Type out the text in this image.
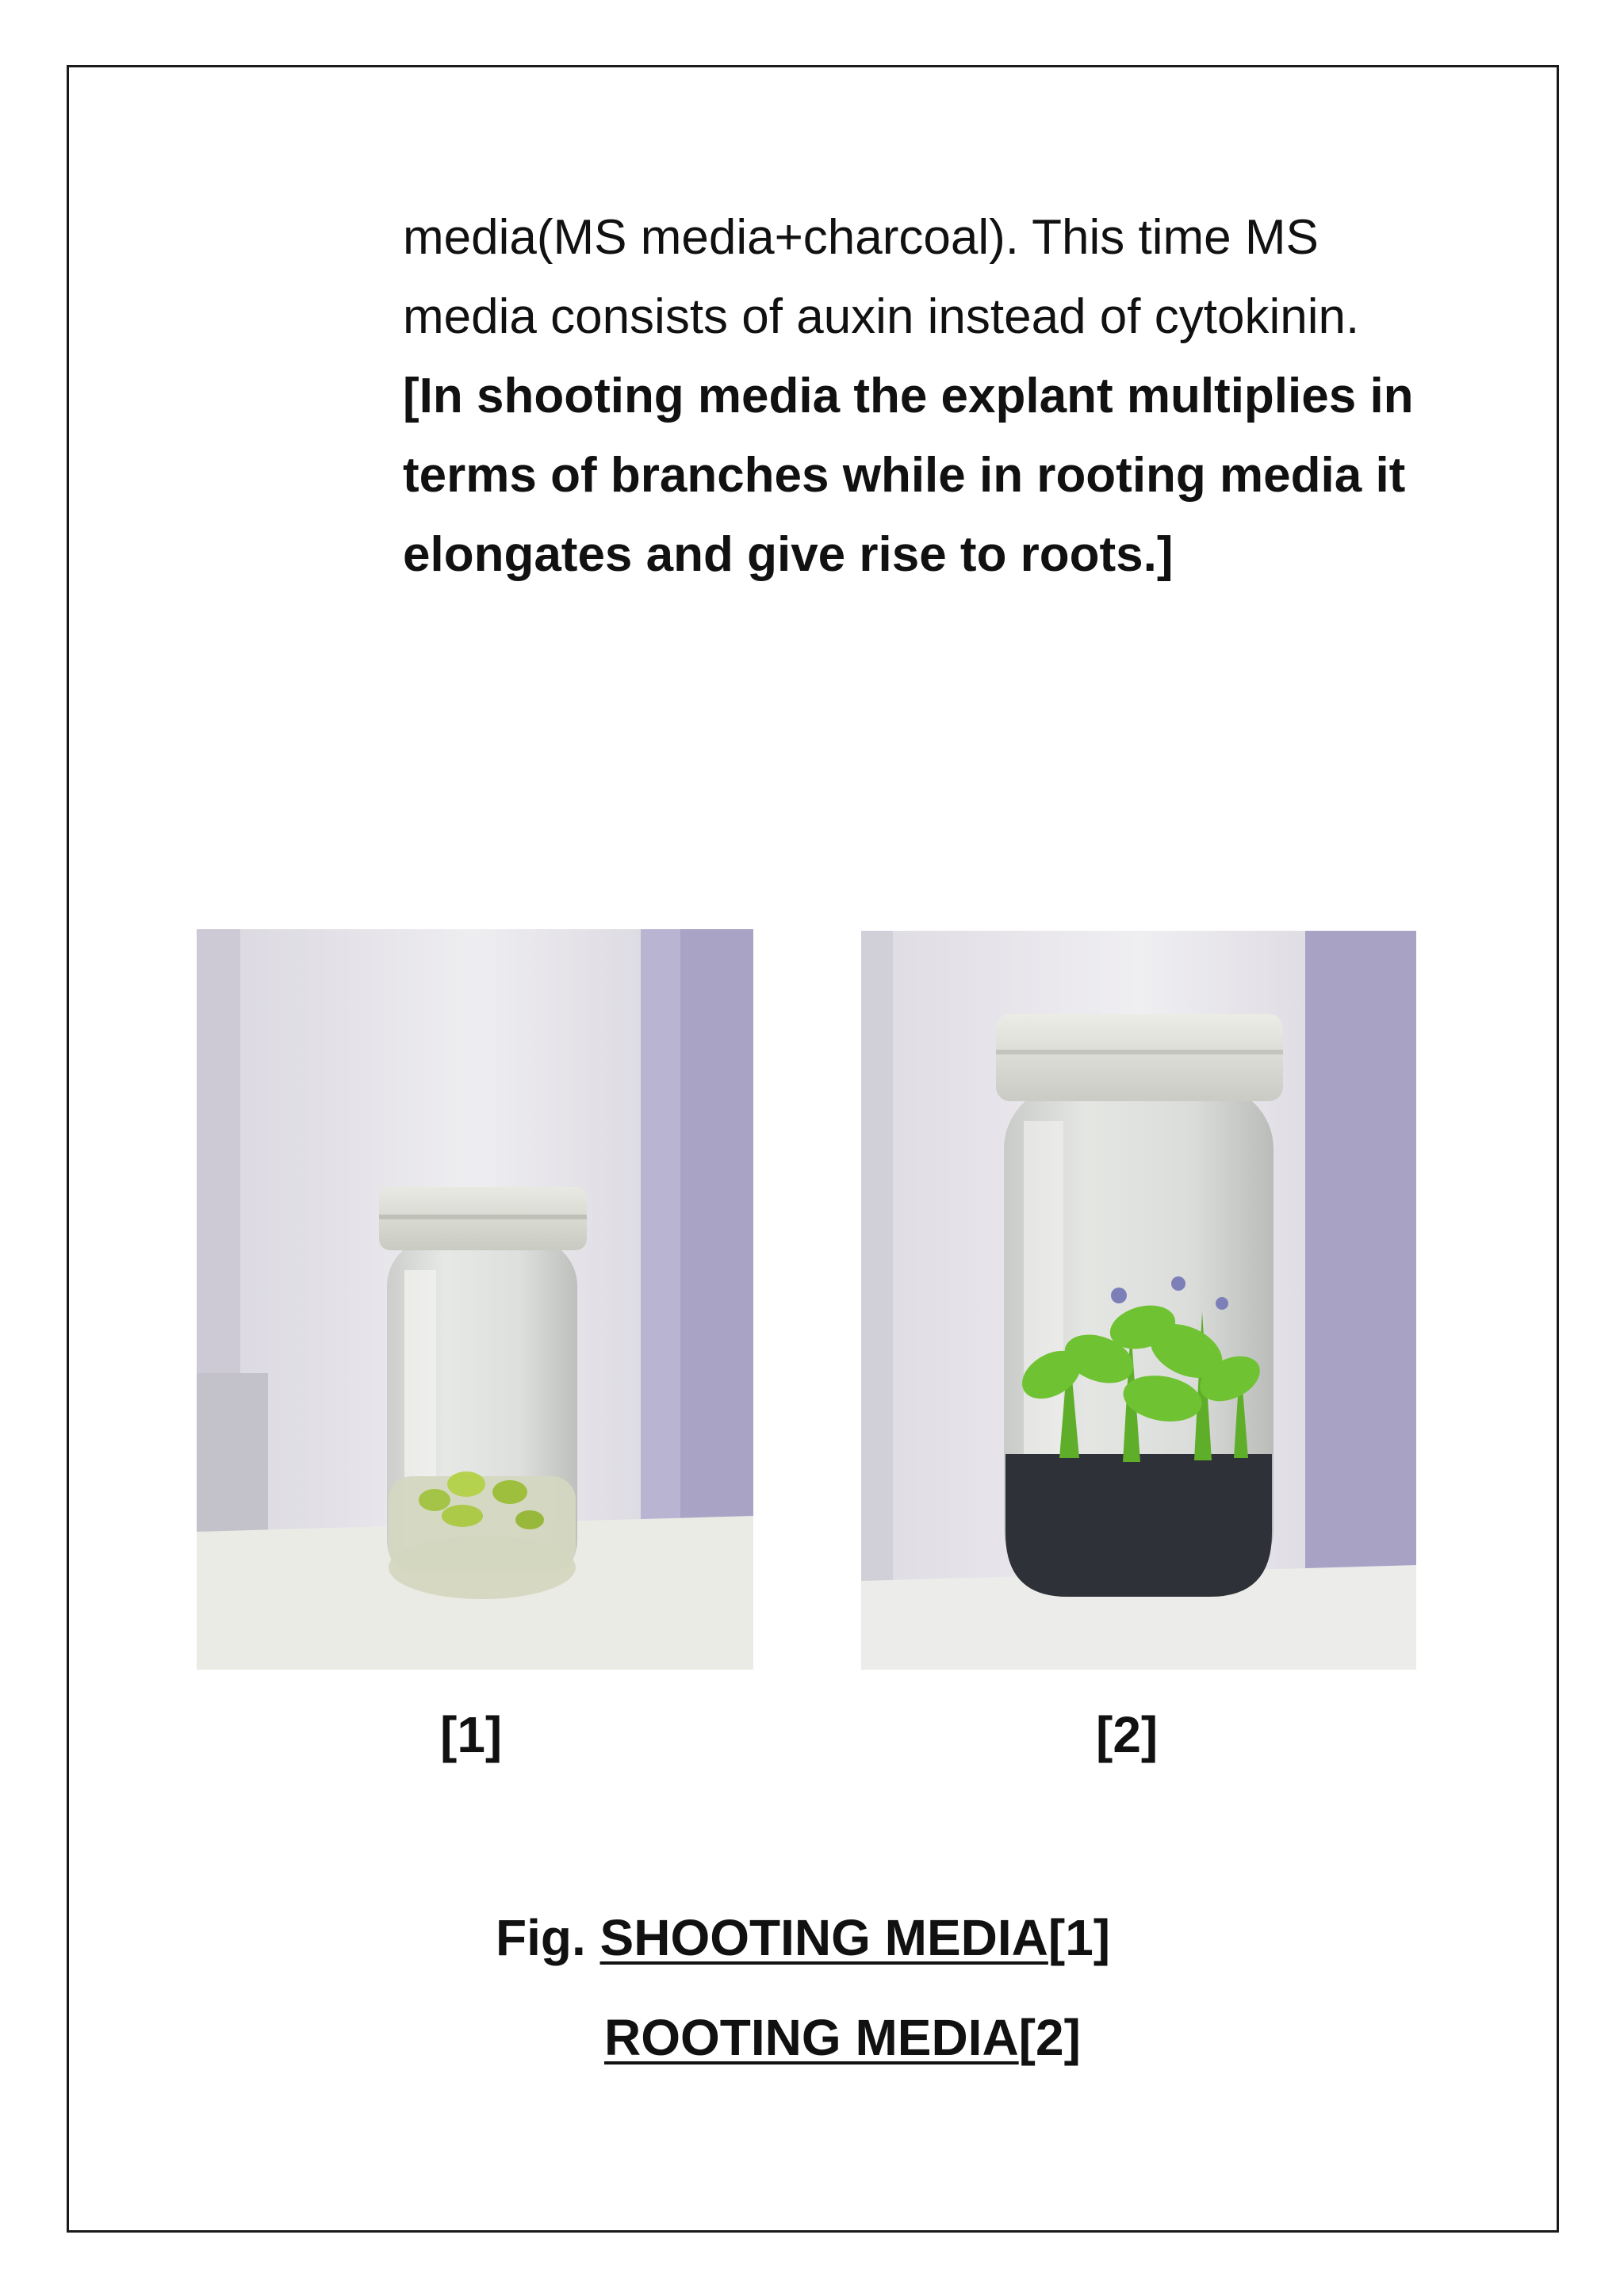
media(MS media+charcoal). This time MS media consists of auxin instead of cytokinin.

[In shooting media the explant multiplies in terms of branches while in rooting media it elongates and give rise to roots.]

[1]	[2]
Fig. SHOOTING MEDIA[1]
ROOTING MEDIA[2]
